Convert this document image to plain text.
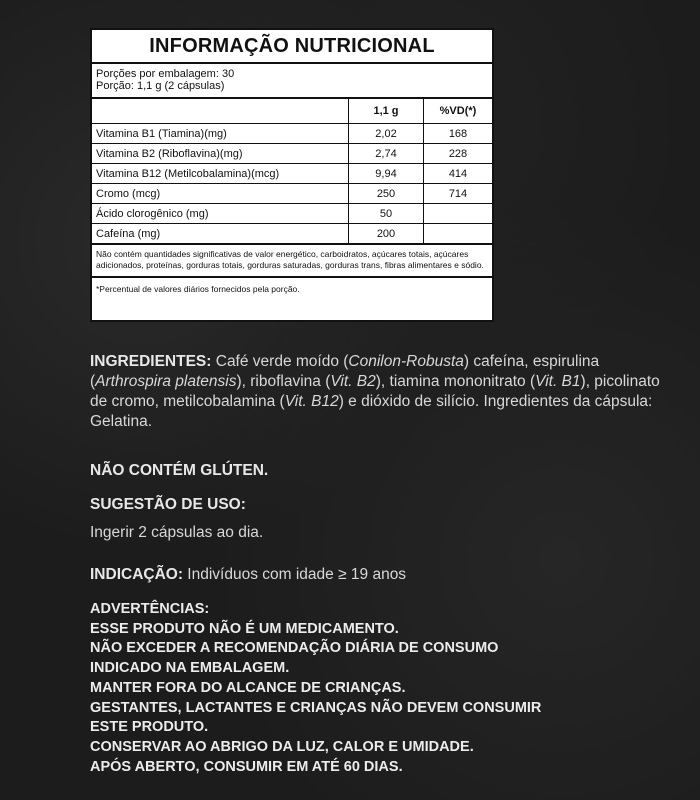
INFORMAÇÃO NUTRICIONAL
Porções por embalagem: 30
Porção: 1,1 g (2 cápsulas)
	1,1 g	%VD(*)
Vitamina B1 (Tiamina)(mg)	2,02	168
Vitamina B2 (Riboflavina)(mg)	2,74	228
Vitamina B12 (Metilcobalamina)(mcg)	9,94	414
Cromo (mcg)	250	714
Ácido clorogênico (mg)	50	
Cafeína (mg)	200	
Não contém quantidades significativas de valor energético, carboidratos, açúcares totais, açúcares adicionados, proteínas, gorduras totais, gorduras saturadas, gorduras trans, fibras alimentares e sódio.
*Percentual de valores diários fornecidos pela porção.
INGREDIENTES: Café verde moído (Conilon-Robusta) cafeína, espirulina (Arthrospira platensis), riboflavina (Vit. B2), tiamina mononitrato (Vit. B1), picolinato de cromo, metilcobalamina (Vit. B12) e dióxido de silício. Ingredientes da cápsula: Gelatina.
NÃO CONTÉM GLÚTEN.
SUGESTÃO DE USO:
Ingerir 2 cápsulas ao dia.
INDICAÇÃO: Indivíduos com idade ≥ 19 anos
ADVERTÊNCIAS:
ESSE PRODUTO NÃO É UM MEDICAMENTO.
NÃO EXCEDER A RECOMENDAÇÃO DIÁRIA DE CONSUMO
INDICADO NA EMBALAGEM.
MANTER FORA DO ALCANCE DE CRIANÇAS.
GESTANTES, LACTANTES E CRIANÇAS NÃO DEVEM CONSUMIR
ESTE PRODUTO.
CONSERVAR AO ABRIGO DA LUZ, CALOR E UMIDADE.
APÓS ABERTO, CONSUMIR EM ATÉ 60 DIAS.
